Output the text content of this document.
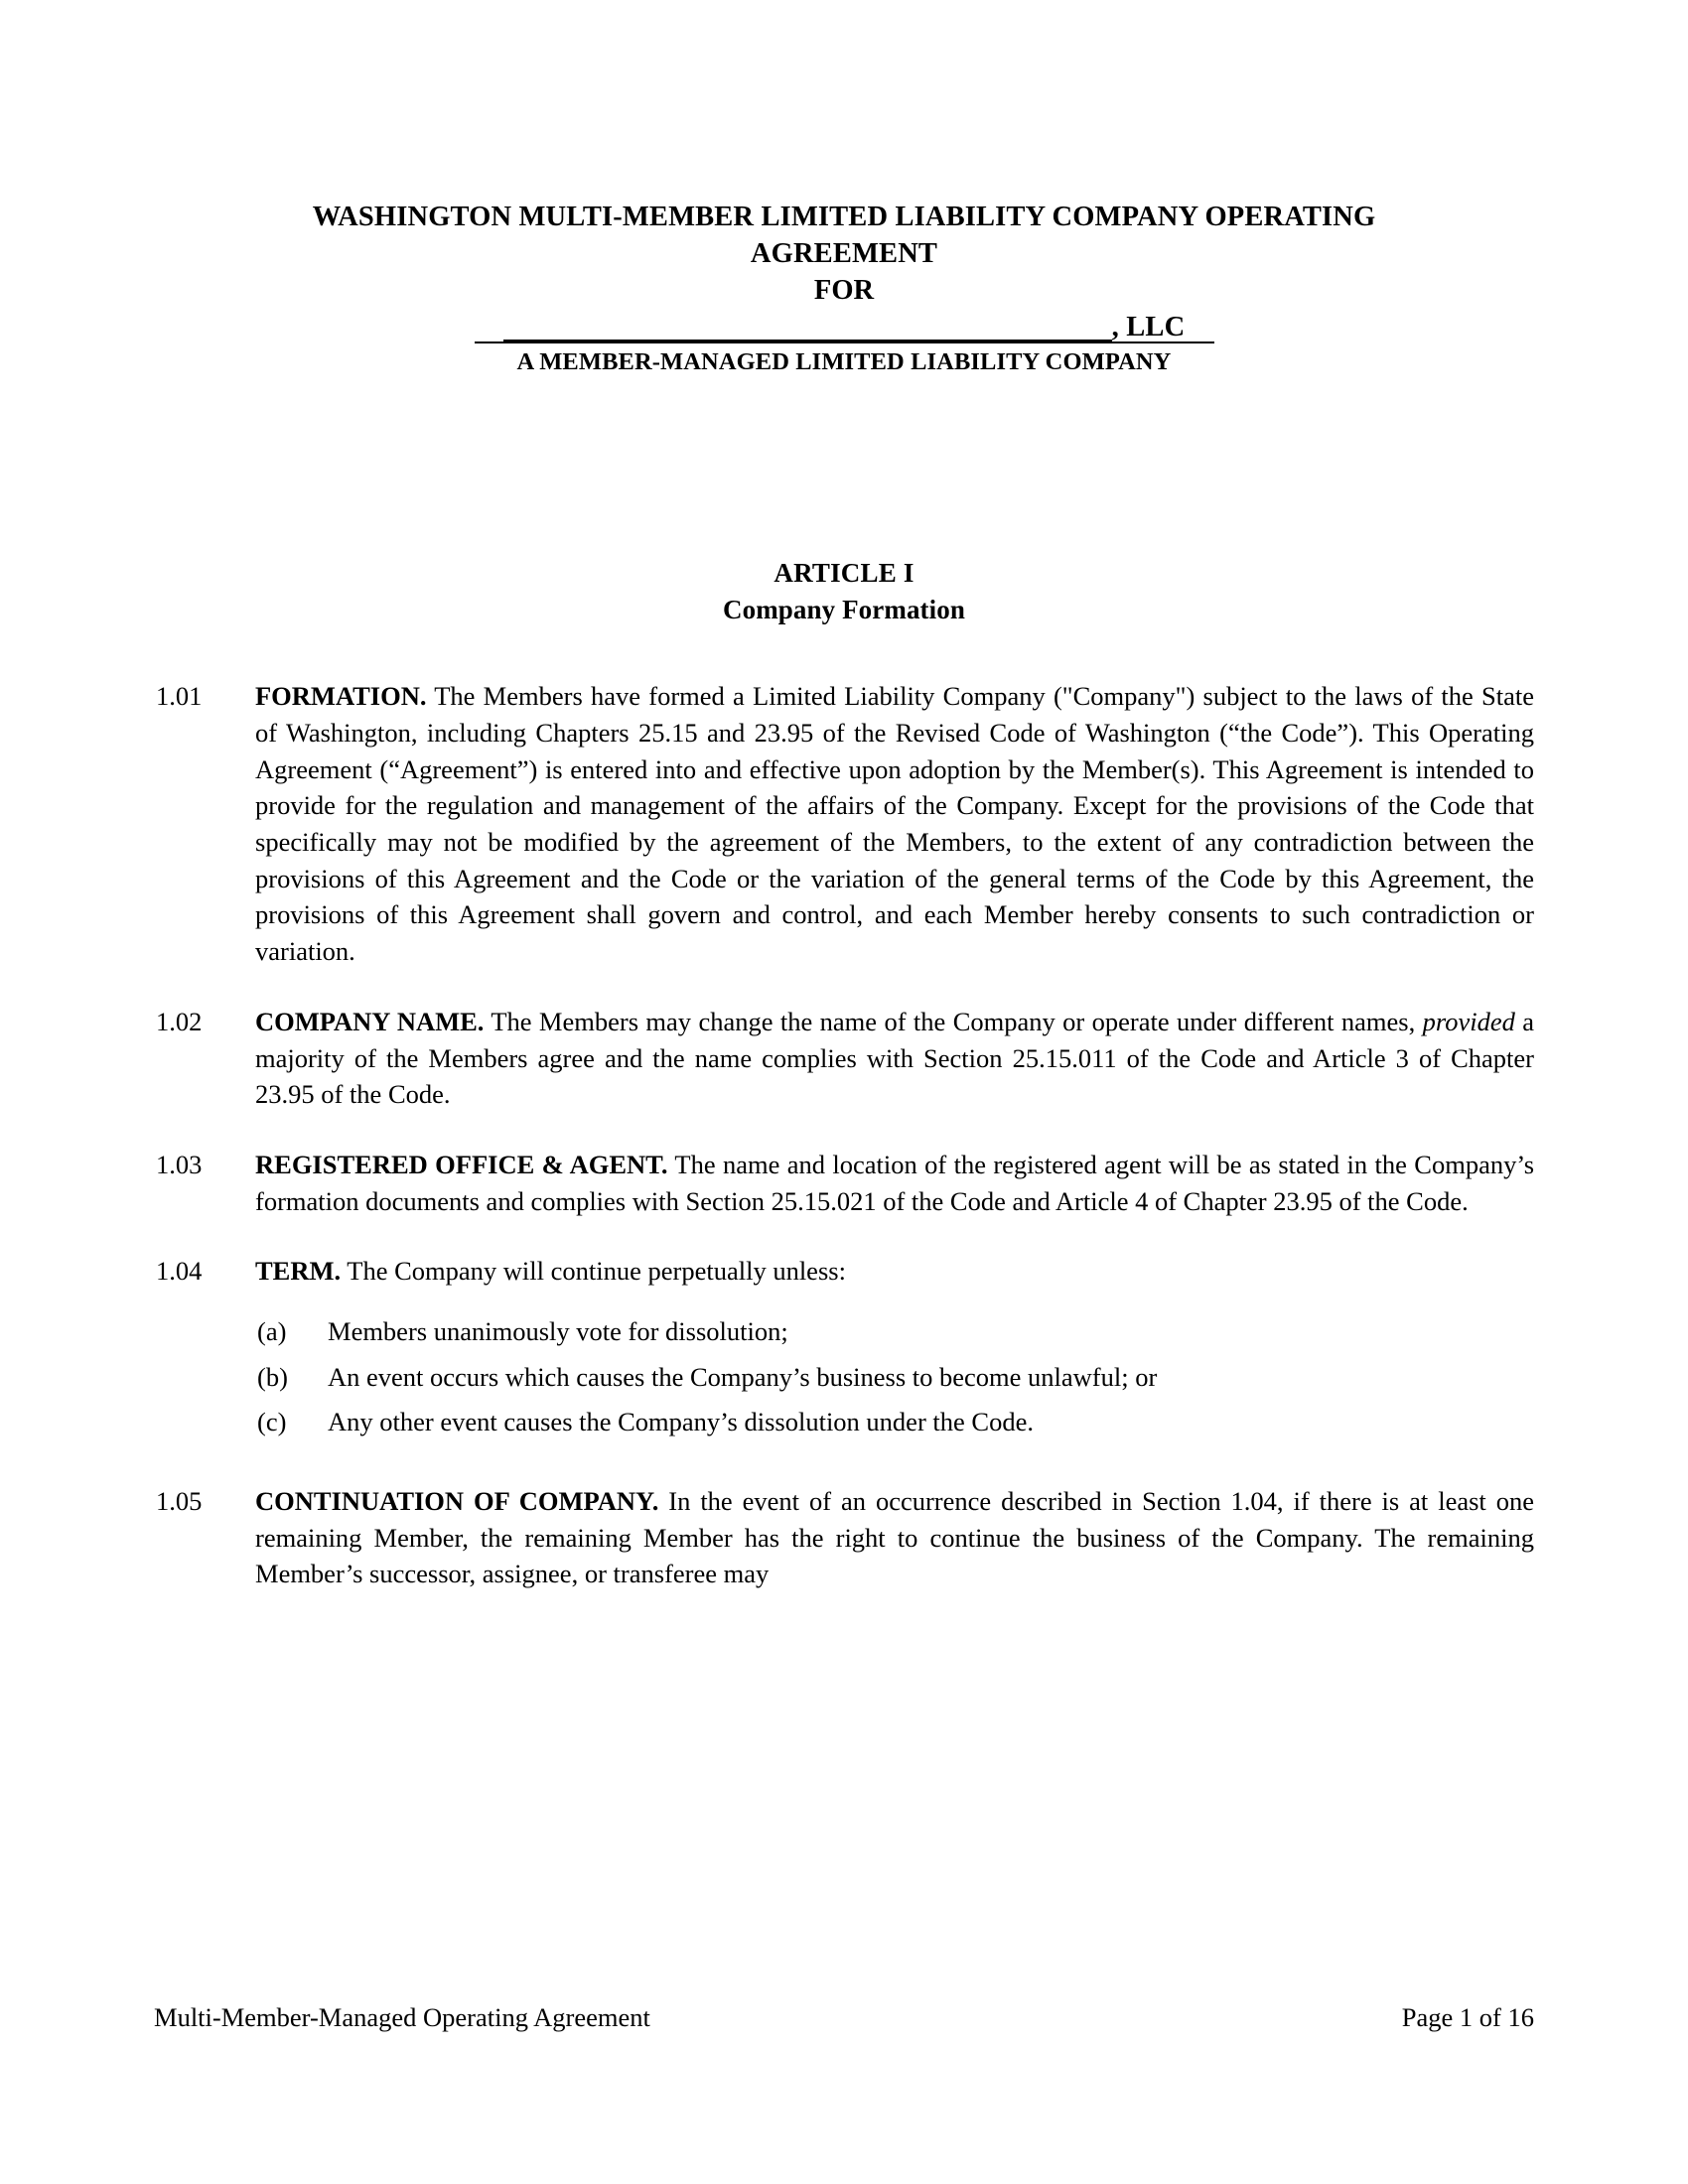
WASHINGTON MULTI-MEMBER LIMITED LIABILITY COMPANY OPERATING
AGREEMENT
FOR
, LLC
A MEMBER-MANAGED LIMITED LIABILITY COMPANY
ARTICLE I
Company Formation
1.01	FORMATION. The Members have formed a Limited Liability Company ("Company") subject to the laws of the State of Washington, including Chapters 25.15 and 23.95 of the Revised Code of Washington (“the Code”). This Operating Agreement (“Agreement”) is entered into and effective upon adoption by the Member(s). This Agreement is intended to provide for the regulation and management of the affairs of the Company. Except for the provisions of the Code that specifically may not be modified by the agreement of the Members, to the extent of any contradiction between the provisions of this Agreement and the Code or the variation of the general terms of the Code by this Agreement, the provisions of this Agreement shall govern and control, and each Member hereby consents to such contradiction or variation.
1.02	COMPANY NAME. The Members may change the name of the Company or operate under different names, provided a majority of the Members agree and the name complies with Section 25.15.011 of the Code and Article 3 of Chapter 23.95 of the Code.
1.03	REGISTERED OFFICE & AGENT. The name and location of the registered agent will be as stated in the Company’s formation documents and complies with Section 25.15.021 of the Code and Article 4 of Chapter 23.95 of the Code.
1.04	TERM. The Company will continue perpetually unless:
(a)	Members unanimously vote for dissolution;
(b)	An event occurs which causes the Company’s business to become unlawful; or
(c)	Any other event causes the Company’s dissolution under the Code.
1.05	CONTINUATION OF COMPANY. In the event of an occurrence described in Section 1.04, if there is at least one remaining Member, the remaining Member has the right to continue the business of the Company. The remaining Member’s successor, assignee, or transferee may
Multi-Member-Managed Operating Agreement	Page 1 of 16
